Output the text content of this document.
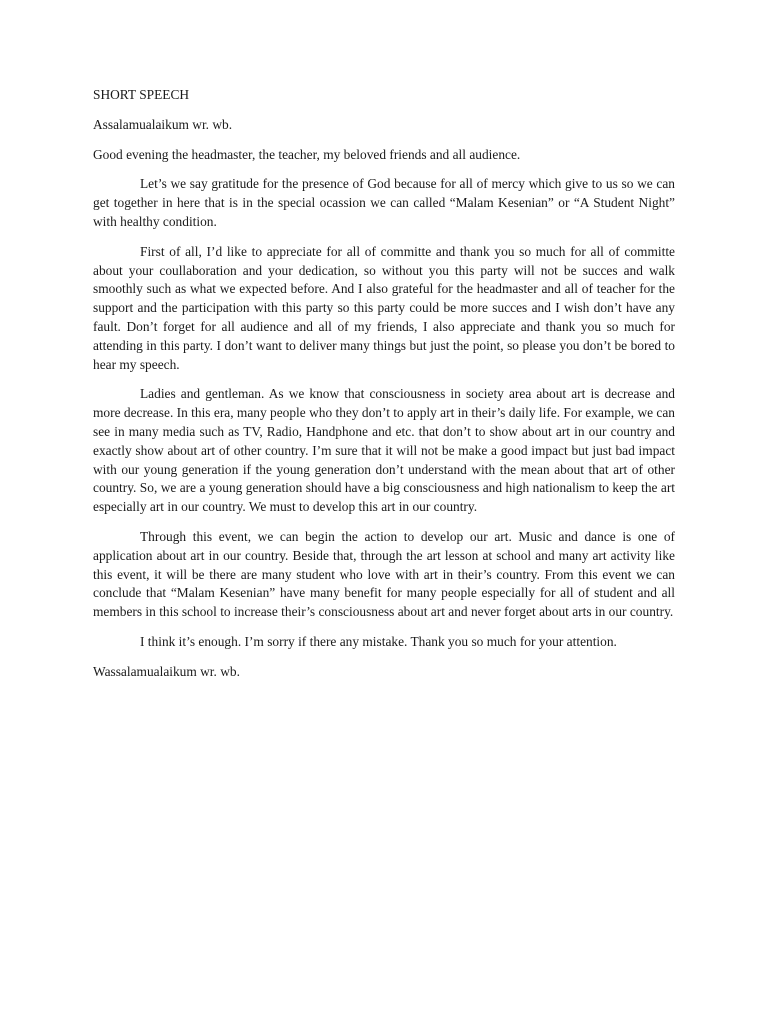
SHORT SPEECH

Assalamualaikum wr. wb.

Good evening the headmaster, the teacher, my beloved friends and all audience.

Let’s we say gratitude for the presence of God because for all of mercy which give to us so we can get together in here that is in the special ocassion we can called “Malam Kesenian” or “A Student Night” with healthy condition.

First of all, I’d like to appreciate for all of committe and thank you so much for all of committe about your coullaboration and your dedication, so without you this party will not be succes and walk smoothly such as what we expected before. And I also grateful for the headmaster and all of teacher for the support and the participation with this party so this party could be more succes and I wish don’t have any fault. Don’t forget for all audience and all of my friends, I also appreciate and thank you so much for attending in this party. I don’t want to deliver many things but just the point, so please you don’t be bored to hear my speech.

Ladies and gentleman. As we know that consciousness in society area about art is decrease and more decrease. In this era, many people who they don’t to apply art in their’s daily life. For example, we can see in many media such as TV, Radio, Handphone and etc. that don’t to show about art in our country and exactly show about art of other country. I’m sure that it will not be make a good impact but just bad impact with our young generation if the young generation don’t understand with the mean about that art of other country. So, we are a young generation should have a big consciousness and high nationalism to keep the art especially art in our country. We must to develop this art in our country.

Through this event, we can begin the action to develop our art. Music and dance is one of application about art in our country. Beside that, through the art lesson at school and many art activity like this event, it will be there are many student who love with art in their’s country. From this event we can conclude that “Malam Kesenian” have many benefit for many people especially for all of student and all members in this school to increase their’s consciousness about art and never forget about arts in our country.

I think it’s enough. I’m sorry if there any mistake. Thank you so much for your attention.

Wassalamualaikum wr. wb.
